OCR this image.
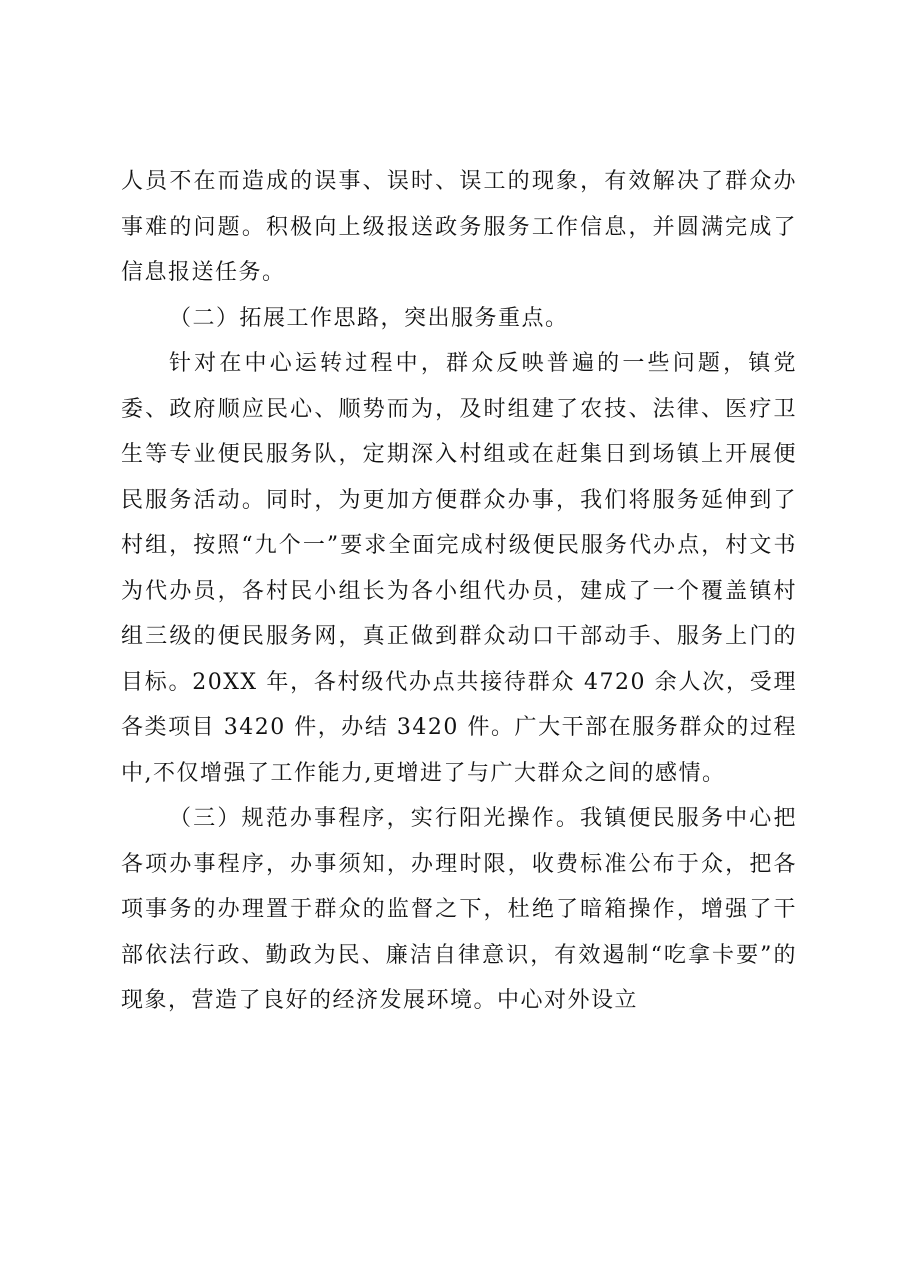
人员不在而造成的误事、误时、误工的现象，有效解决了群众办事难的问题。积极向上级报送政务服务工作信息，并圆满完成了信息报送任务。

（二）拓展工作思路，突出服务重点。

针对在中心运转过程中，群众反映普遍的一些问题，镇党委、政府顺应民心、顺势而为，及时组建了农技、法律、医疗卫生等专业便民服务队，定期深入村组或在赶集日到场镇上开展便民服务活动。同时，为更加方便群众办事，我们将服务延伸到了村组，按照“九个一”要求全面完成村级便民服务代办点，村文书为代办员，各村民小组长为各小组代办员，建成了一个覆盖镇村组三级的便民服务网，真正做到群众动口干部动手、服务上门的目标。20XX 年，各村级代办点共接待群众 4720 余人次，受理各类项目 3420 件，办结 3420 件。广大干部在服务群众的过程中,不仅增强了工作能力,更增进了与广大群众之间的感情。

（三）规范办事程序，实行阳光操作。我镇便民服务中心把各项办事程序，办事须知，办理时限，收费标准公布于众，把各项事务的办理置于群众的监督之下，杜绝了暗箱操作，增强了干部依法行政、勤政为民、廉洁自律意识，有效遏制“吃拿卡要”的现象，营造了良好的经济发展环境。中心对外设立
